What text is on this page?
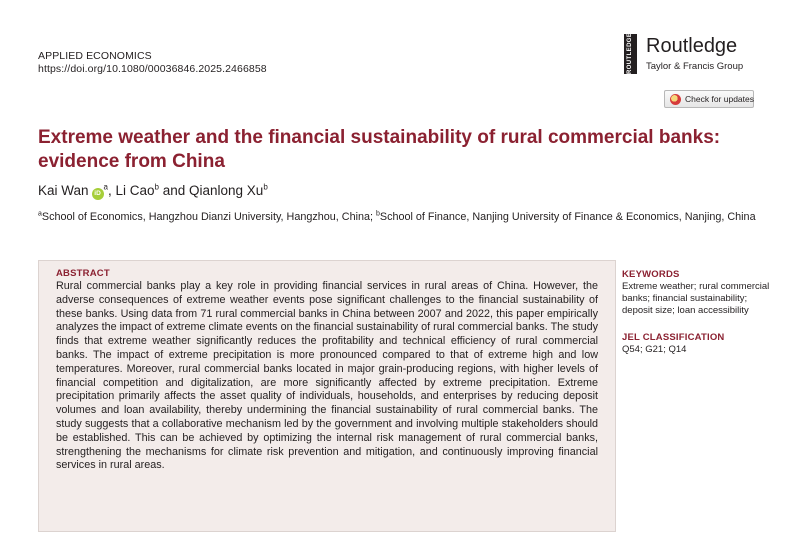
APPLIED ECONOMICS
https://doi.org/10.1080/00036846.2025.2466858	ROUTLEDGE Routledge
Taylor & Francis Group
Check for updates
Extreme weather and the financial sustainability of rural commercial banks: evidence from China
Kai Wan $iD^a$, Li Cao$^b$ and Qianlong Xu$^b$

$^a$School of Economics, Hangzhou Dianzi University, Hangzhou, China; $^b$School of Finance, Nanjing University of Finance & Economics, Nanjing, China

ABSTRACT

Rural commercial banks play a key role in providing financial services in rural areas of China. However, the adverse consequences of extreme weather events pose significant challenges to the financial sustainability of these banks. Using data from 71 rural commercial banks in China between 2007 and 2022, this paper empirically analyzes the impact of extreme climate events on the financial sustainability of rural commercial banks. The study finds that extreme weather significantly reduces the profitability and technical efficiency of rural commercial banks. The impact of extreme precipitation is more pronounced compared to that of extreme high and low temperatures. Moreover, rural commercial banks located in major grain-producing regions, with higher levels of financial competition and digitalization, are more significantly affected by extreme precipitation. Extreme precipitation primarily affects the asset quality of individuals, households, and enterprises by reducing deposit volumes and loan availability, thereby undermining the financial sustainability of rural commercial banks. The study suggests that a collaborative mechanism led by the government and involving multiple stakeholders should be established. This can be achieved by optimizing the internal risk management of rural commercial banks, strengthening the mechanisms for climate risk prevention and mitigation, and continuously improving financial services in rural areas.

KEYWORDS

Extreme weather; rural commercial banks; financial sustainability; deposit size; loan accessibility

JEL CLASSIFICATION

Q54; G21; Q14
